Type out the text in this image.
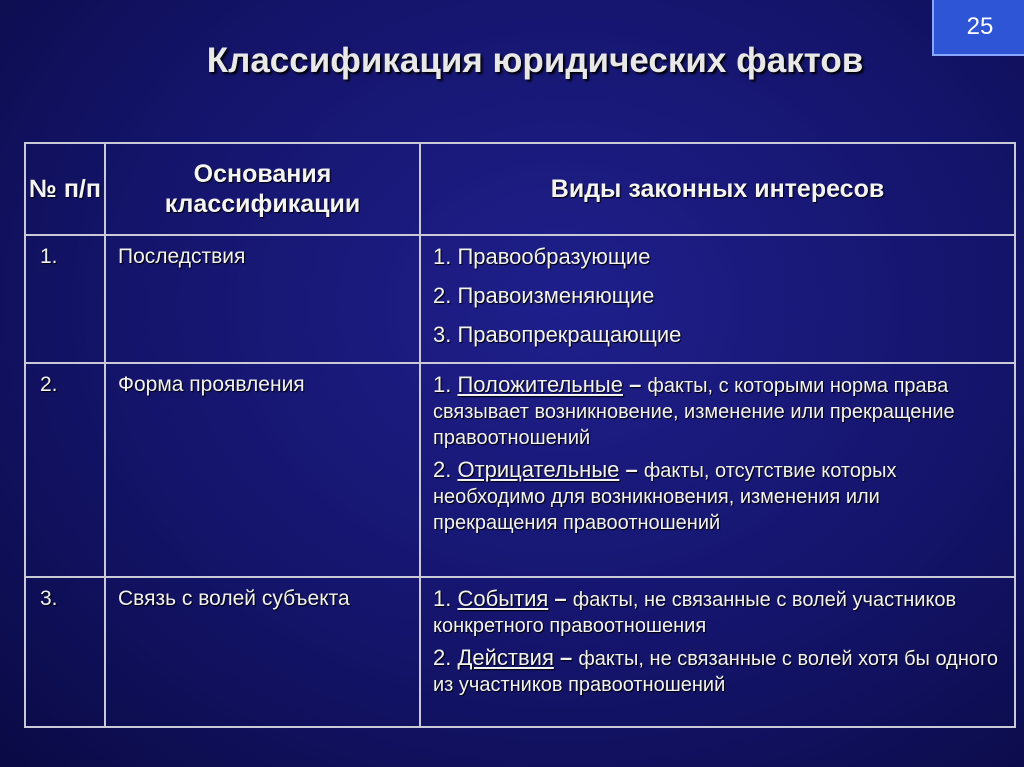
25
Классификация юридических фактов
№ п/п	Основания классификации	Виды законных интересов
1.	Последствия	1. Правообразующие
2. Правоизменяющие
3. Правопрекращающие

2.	Форма проявления	1. Положительные – факты, с которыми норма права связывает возникновение, изменение или прекращение правоотношений
2. Отрицательные – факты, отсутствие которых необходимо для возникновения, изменения или прекращения правоотношений

3.	Связь с волей субъекта	1. События – факты, не связанные с волей участников конкретного правоотношения
2. Действия – факты, не связанные с волей хотя бы одного из участников правоотношений
